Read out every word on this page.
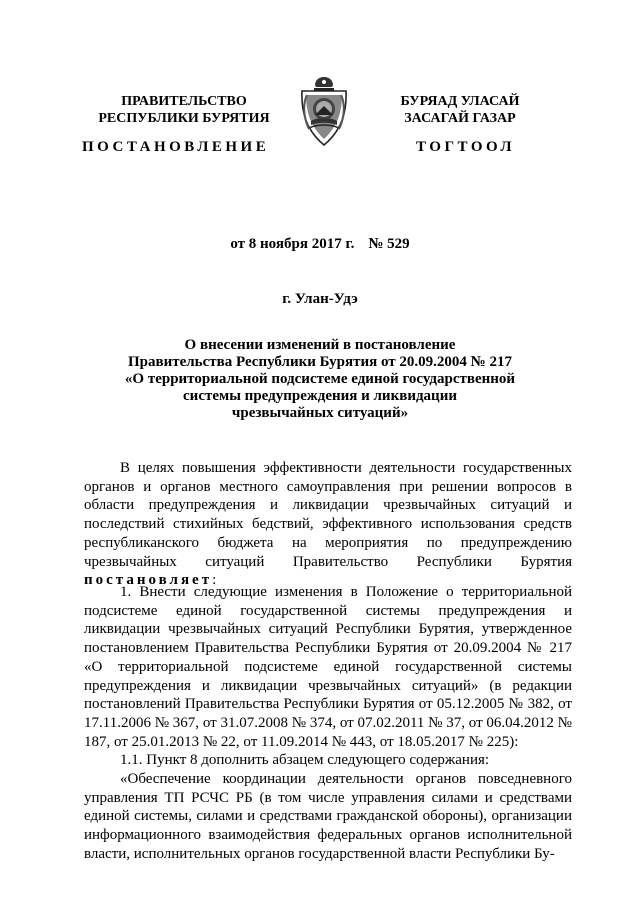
ПРАВИТЕЛЬСТВО
РЕСПУБЛИКИ БУРЯТИЯ
БУРЯАД УЛАСАЙ
ЗАСАГАЙ ГАЗАР
ПОСТАНОВЛЕНИЕ	ТОГТООЛ
от 8 ноября 2017 г. № 529
г. Улан-Удэ
О внесении изменений в постановление
Правительства Республики Бурятия от 20.09.2004 № 217
«О территориальной подсистеме единой государственной
системы предупреждения и ликвидации
чрезвычайных ситуаций»

В целях повышения эффективности деятельности государственных органов и органов местного самоуправления при решении вопросов в области предупреждения и ликвидации чрезвычайных ситуаций и последствий стихийных бедствий, эффективного использования средств республиканского бюджета на мероприятия по предупреждению чрезвычайных ситуаций Правительство Республики Бурятия постановляет:

1. Внести следующие изменения в Положение о территориальной подсистеме единой государственной системы предупреждения и ликвидации чрезвычайных ситуаций Республики Бурятия, утвержденное постановлением Правительства Республики Бурятия от 20.09.2004 № 217 «О территориальной подсистеме единой государственной системы предупреждения и ликвидации чрезвычайных ситуаций» (в редакции постановлений Правительства Республики Бурятия от 05.12.2005 № 382, от 17.11.2006 № 367, от 31.07.2008 № 374, от 07.02.2011 № 37, от 06.04.2012 № 187, от 25.01.2013 № 22, от 11.09.2014 № 443, от 18.05.2017 № 225):

1.1. Пункт 8 дополнить абзацем следующего содержания:

«Обеспечение координации деятельности органов повседневного управления ТП РСЧС РБ (в том числе управления силами и средствами единой системы, силами и средствами гражданской обороны), организации информационного взаимодействия федеральных органов исполнительной власти, исполнительных органов государственной власти Республики Бу-
